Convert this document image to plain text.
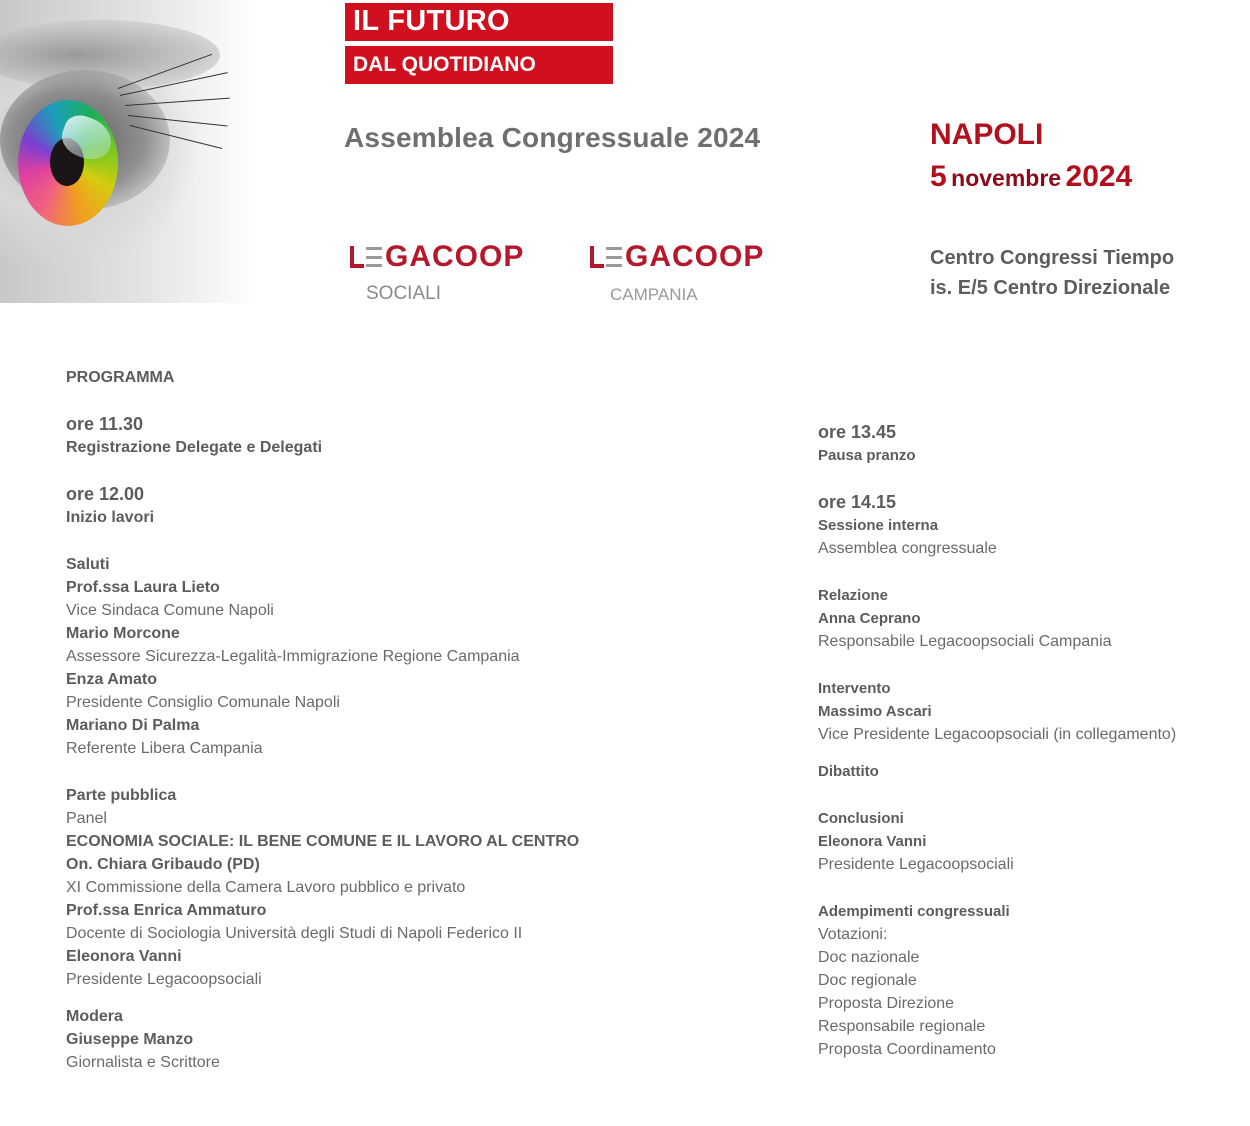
IL FUTURO
DAL QUOTIDIANO
Assemblea Congressuale 2024	NAPOLI
5 novembre 2024
Centro Congressi Tiempo
is. E/5 Centro Direzionale
GACOOP
SOCIALI
GACOOP
CAMPANIA
PROGRAMMA
ore 11.30
Registrazione Delegate e Delegati
ore 12.00
Inizio lavori
Saluti
Prof.ssa Laura Lieto
Vice Sindaca Comune Napoli
Mario Morcone
Assessore Sicurezza-Legalità-Immigrazione Regione Campania
Enza Amato
Presidente Consiglio Comunale Napoli
Mariano Di Palma
Referente Libera Campania
Parte pubblica
Panel
ECONOMIA SOCIALE: IL BENE COMUNE E IL LAVORO AL CENTRO
On. Chiara Gribaudo (PD)
XI Commissione della Camera Lavoro pubblico e privato
Prof.ssa Enrica Ammaturo
Docente di Sociologia Università degli Studi di Napoli Federico II
Eleonora Vanni
Presidente Legacoopsociali
Modera
Giuseppe Manzo
Giornalista e Scrittore
ore 13.45
Pausa pranzo
ore 14.15
Sessione interna
Assemblea congressuale
Relazione
Anna Ceprano
Responsabile Legacoopsociali Campania
Intervento
Massimo Ascari
Vice Presidente Legacoopsociali (in collegamento)
Dibattito
Conclusioni
Eleonora Vanni
Presidente Legacoopsociali
Adempimenti congressuali
Votazioni:
Doc nazionale
Doc regionale
Proposta Direzione
Responsabile regionale
Proposta Coordinamento
